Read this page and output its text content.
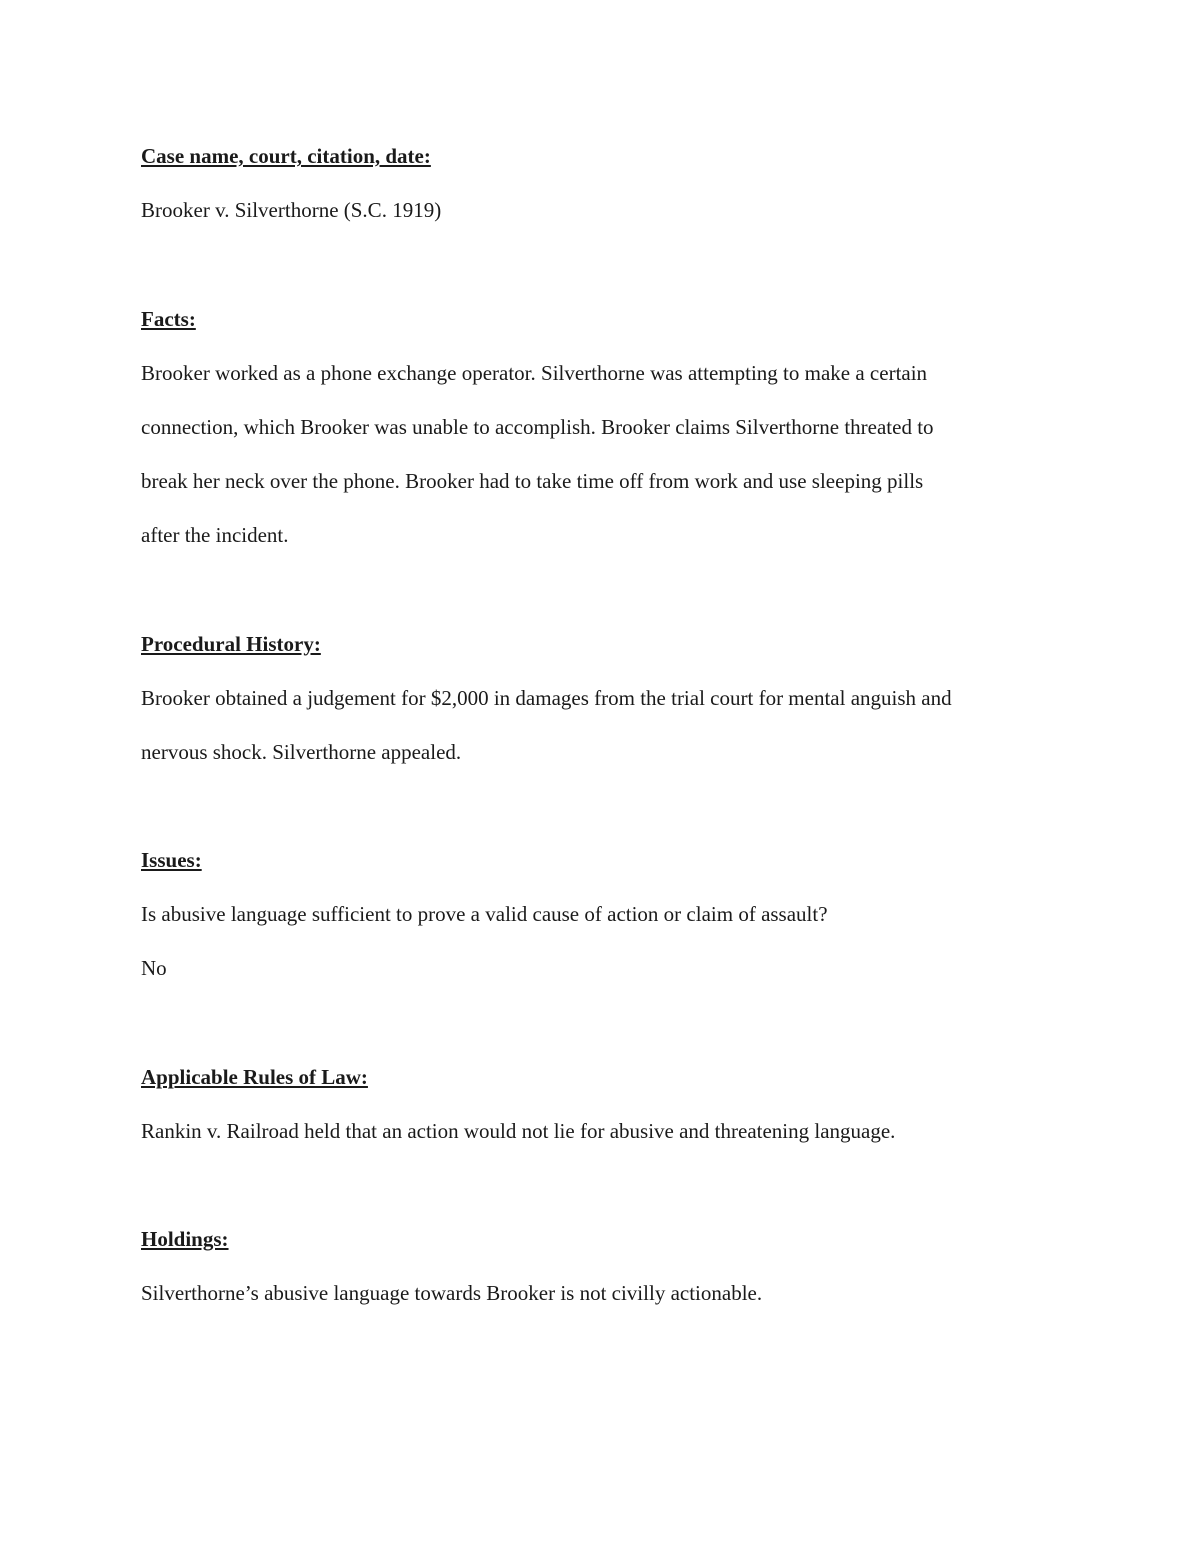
Case name, court, citation, date:

Brooker v. Silverthorne (S.C. 1919)

Facts:

Brooker worked as a phone exchange operator. Silverthorne was attempting to make a certain

connection, which Brooker was unable to accomplish. Brooker claims Silverthorne threated to

break her neck over the phone. Brooker had to take time off from work and use sleeping pills

after the incident.

Procedural History:

Brooker obtained a judgement for $2,000 in damages from the trial court for mental anguish and

nervous shock. Silverthorne appealed.

Issues:

Is abusive language sufficient to prove a valid cause of action or claim of assault?

No

Applicable Rules of Law:

Rankin v. Railroad held that an action would not lie for abusive and threatening language.

Holdings:

Silverthorne’s abusive language towards Brooker is not civilly actionable.
